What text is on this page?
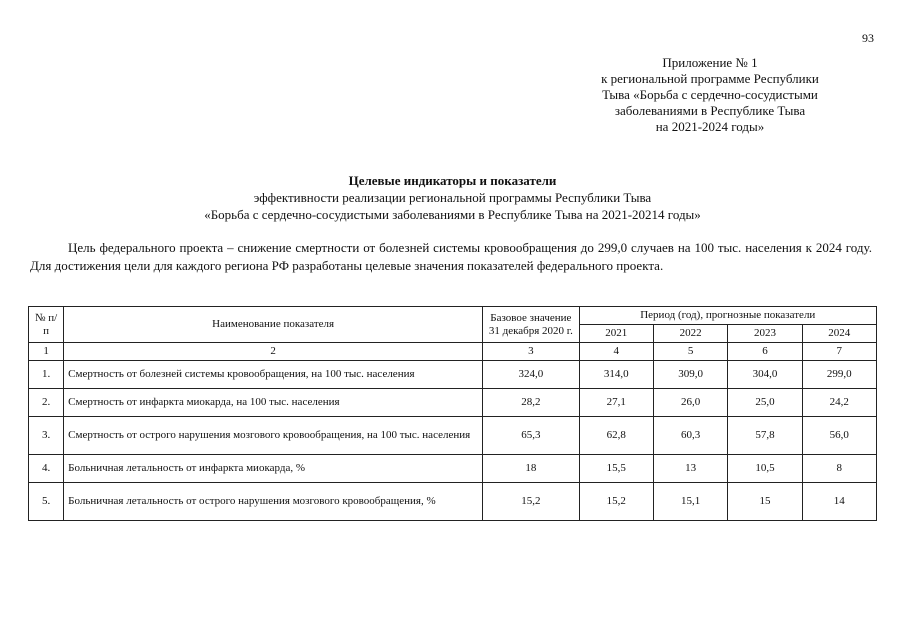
93
Приложение № 1
к региональной программе Республики
Тыва «Борьба с сердечно-сосудистыми
заболеваниями в Республике Тыва
на 2021-2024 годы»
Целевые индикаторы и показатели
эффективности реализации региональной программы Республики Тыва
«Борьба с сердечно-сосудистыми заболеваниями в Республике Тыва на 2021-20214 годы»
Цель федерального проекта – снижение смертности от болезней системы кровообращения до 299,0 случаев на 100 тыс. населения к 2024 году. Для достижения цели для каждого региона РФ разработаны целевые значения показателей федерального проекта.
№ п/п	Наименование показателя	Базовое значение 31 декабря 2020 г.	Период (год), прогнозные показатели			
			2021	2022	2023	2024
1	2	3	4	5	6	7
1.	Смертность от болезней системы кровообращения, на 100 тыс. населения	324,0	314,0	309,0	304,0	299,0
2.	Смертность от инфаркта миокарда, на 100 тыс. населения	28,2	27,1	26,0	25,0	24,2
3.	Смертность от острого нарушения мозгового кровообращения, на 100 тыс. населения	65,3	62,8	60,3	57,8	56,0
4.	Больничная летальность от инфаркта миокарда, %	18	15,5	13	10,5	8
5.	Больничная летальность от острого нарушения мозгового кровообращения, %	15,2	15,2	15,1	15	14
